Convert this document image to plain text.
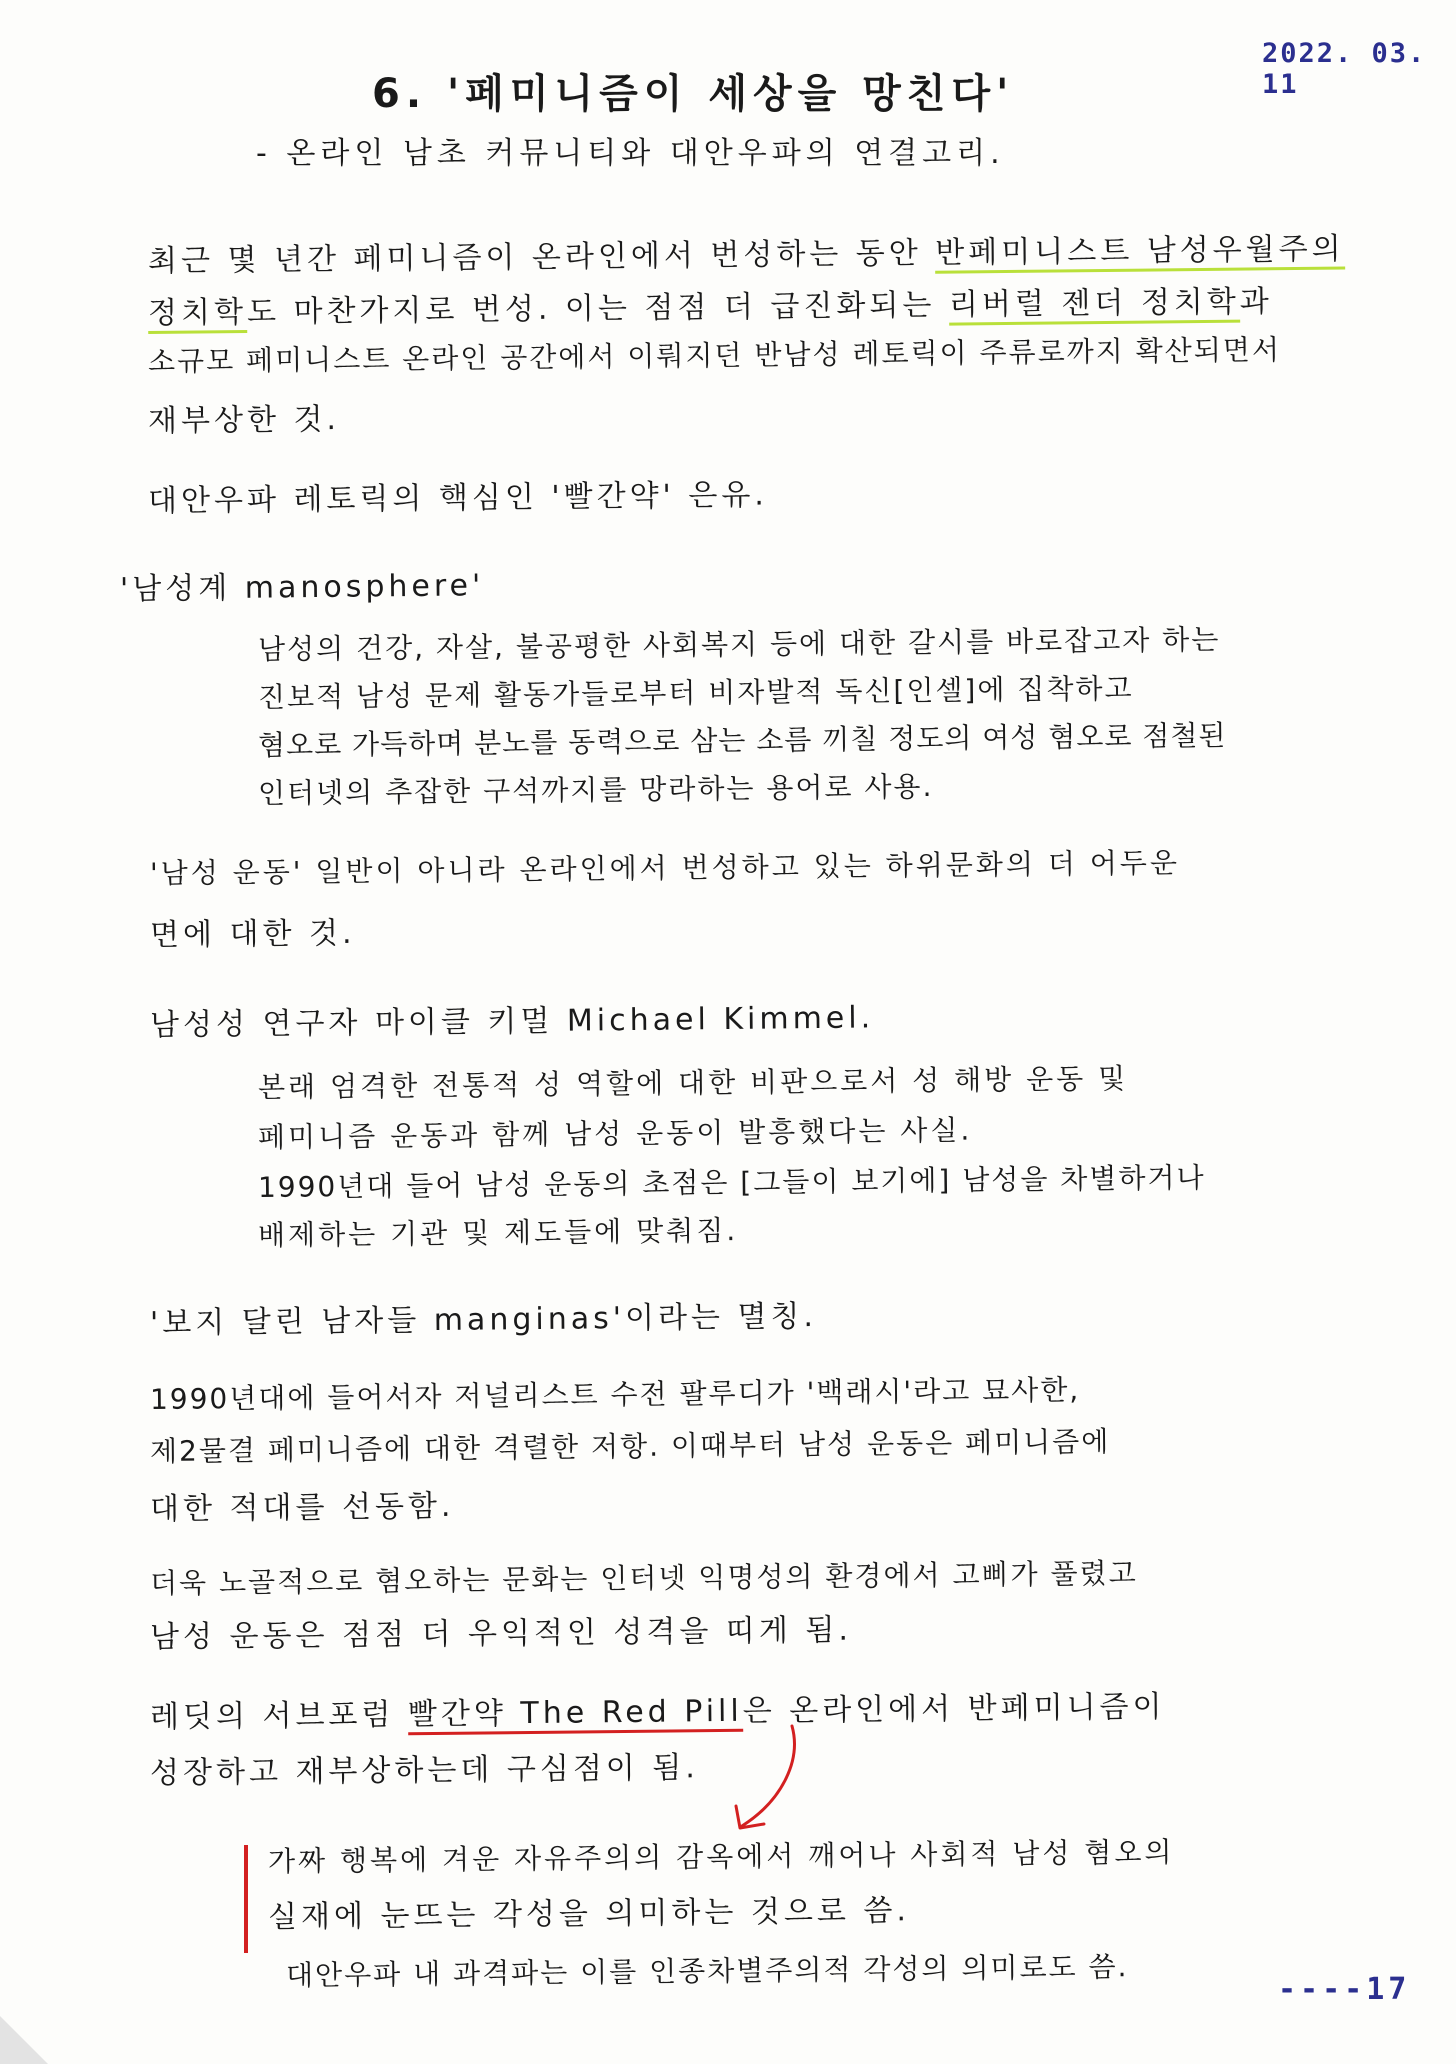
2022. 03. 11
6. '페미니즘이 세상을 망친다'
- 온라인 남초 커뮤니티와 대안우파의 연결고리.
최근 몇 년간 페미니즘이 온라인에서 번성하는 동안 반페미니스트 남성우월주의
정치학도 마찬가지로 번성. 이는 점점 더 급진화되는 리버럴 젠더 정치학과
소규모 페미니스트 온라인 공간에서 이뤄지던 반남성 레토릭이 주류로까지 확산되면서
재부상한 것.
대안우파 레토릭의 핵심인 '빨간약' 은유.
'남성계 manosphere'
남성의 건강, 자살, 불공평한 사회복지 등에 대한 갈시를 바로잡고자 하는
진보적 남성 문제 활동가들로부터 비자발적 독신[인셀]에 집착하고
혐오로 가득하며 분노를 동력으로 삼는 소름 끼칠 정도의 여성 혐오로 점철된
인터넷의 추잡한 구석까지를 망라하는 용어로 사용.
'남성 운동' 일반이 아니라 온라인에서 번성하고 있는 하위문화의 더 어두운
면에 대한 것.
남성성 연구자 마이클 키멀 Michael Kimmel.
본래 엄격한 전통적 성 역할에 대한 비판으로서 성 해방 운동 및
페미니즘 운동과 함께 남성 운동이 발흥했다는 사실.
1990년대 들어 남성 운동의 초점은 [그들이 보기에] 남성을 차별하거나
배제하는 기관 및 제도들에 맞춰짐.
'보지 달린 남자들 manginas'이라는 멸칭.
1990년대에 들어서자 저널리스트 수전 팔루디가 '백래시'라고 묘사한,
제2물결 페미니즘에 대한 격렬한 저항. 이때부터 남성 운동은 페미니즘에
대한 적대를 선동함.
더욱 노골적으로 혐오하는 문화는 인터넷 익명성의 환경에서 고삐가 풀렸고
남성 운동은 점점 더 우익적인 성격을 띠게 됨.
레딧의 서브포럼 빨간약 The Red Pill은 온라인에서 반페미니즘이
성장하고 재부상하는데 구심점이 됨.
가짜 행복에 겨운 자유주의의 감옥에서 깨어나 사회적 남성 혐오의
실재에 눈뜨는 각성을 의미하는 것으로 씀.
대안우파 내 과격파는 이를 인종차별주의적 각성의 의미로도 씀.	----17
